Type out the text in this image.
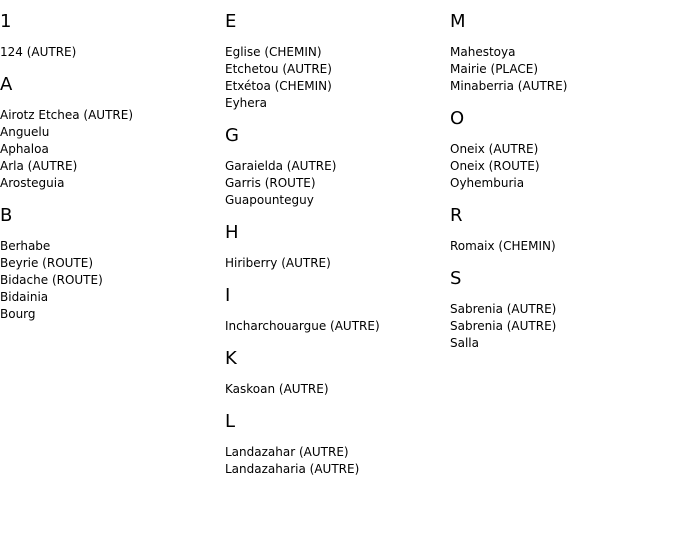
1
124 (AUTRE)
A
Airotz Etchea (AUTRE)
Anguelu
Aphaloa
Arla (AUTRE)
Arosteguia
B
Berhabe
Beyrie (ROUTE)
Bidache (ROUTE)
Bidainia
Bourg
E
Eglise (CHEMIN)
Etchetou (AUTRE)
Etxétoa (CHEMIN)
Eyhera
G
Garaielda (AUTRE)
Garris (ROUTE)
Guapounteguy
H
Hiriberry (AUTRE)
I
Incharchouargue (AUTRE)
K
Kaskoan (AUTRE)
L
Landazahar (AUTRE)
Landazaharia (AUTRE)
M
Mahestoya
Mairie (PLACE)
Minaberria (AUTRE)
O
Oneix (AUTRE)
Oneix (ROUTE)
Oyhemburia
R
Romaix (CHEMIN)
S
Sabrenia (AUTRE)
Sabrenia (AUTRE)
Salla
